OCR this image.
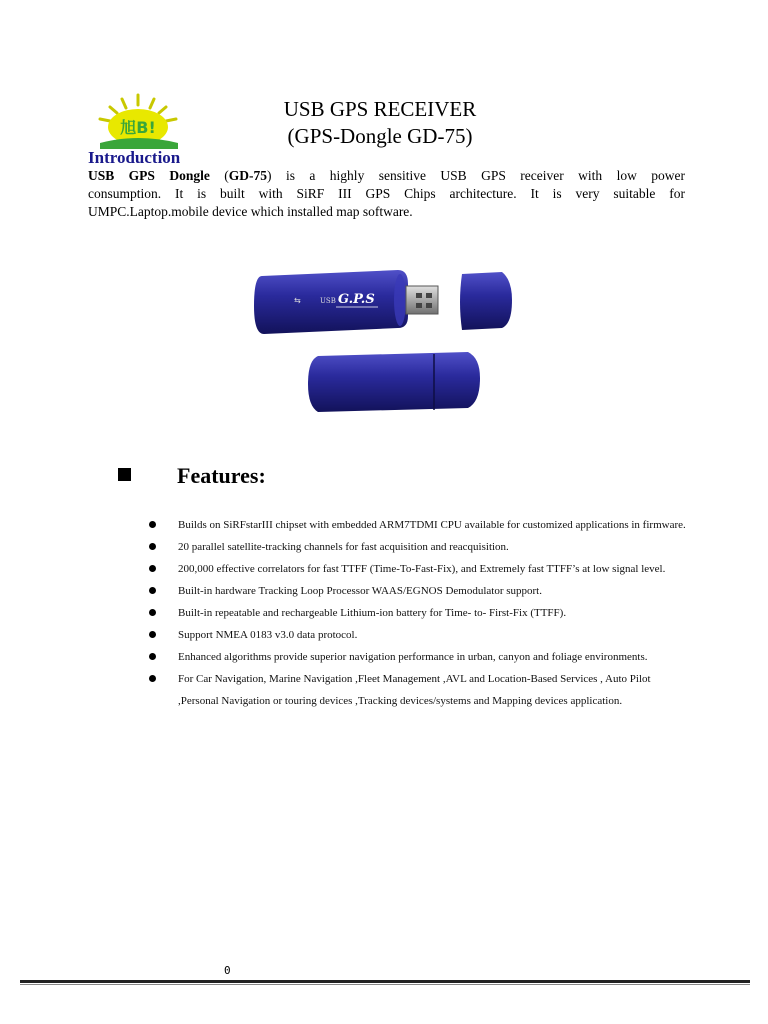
旭B!
USB GPS RECEIVER
(GPS-Dongle GD-75)
Introduction
USB GPS Dongle (GD-75) is a highly sensitive USB GPS receiver with low power
consumption. It is built with SiRF III GPS Chips architecture. It is very suitable for
UMPC.Laptop.mobile device which installed map software.
⇆	USB G.P.S
Features:
Builds on SiRFstarIII chipset with embedded ARM7TDMI CPU available for customized applications in firmware.
20 parallel satellite-tracking channels for fast acquisition and reacquisition.
200,000 effective correlators for fast TTFF (Time-To-Fast-Fix), and Extremely fast TTFF’s at low signal level.
Built-in hardware Tracking Loop Processor WAAS/EGNOS Demodulator support.
Built-in repeatable and rechargeable Lithium-ion battery for Time- to- First-Fix (TTFF).
Support NMEA 0183 v3.0 data protocol.
Enhanced algorithms provide superior navigation performance in urban, canyon and foliage environments.
For Car Navigation, Marine Navigation ,Fleet Management ,AVL and Location-Based Services , Auto Pilot ,Personal Navigation or touring devices ,Tracking devices/systems and Mapping devices application.
0
